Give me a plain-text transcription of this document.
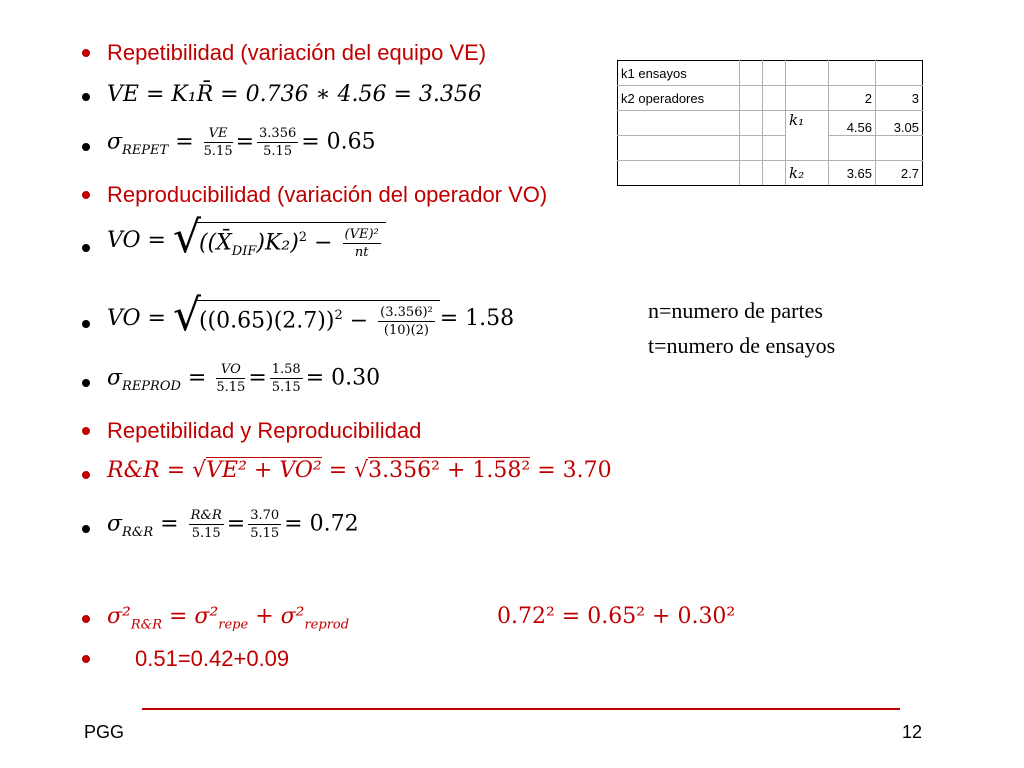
Repetibilidad (variación del equipo VE)
VE = K₁R̄ = 0.736 ∗ 4.56 = 3.356
$\sigma_{REPET} = \frac{VE}{5.15} = \frac{3.356}{5.15} = 0.65$
Reproducibilidad (variación del operador VO)
VO = √ $((X̄_{DIF})K_2)^2 - \frac{\text{(VE)²}}{nt}$
VO = √ $((0.65)(2.7))^2 - \frac{\text{(3.356)²}}{(10)(2)} = 1.58$
$\sigma_{REPROD} = \frac{VO}{5.15} = \frac{1.58}{5.15} = 0.30$
Repetibilidad y Reproducibilidad
R&R = √VE² + VO² = √3.356² + 1.58² = 3.70
$\sigma_{R\&R} = \frac{R\&R}{5.15} = \frac{3.70}{5.15} = 0.72$
$\sigma^2_{R\&R} = \sigma^2_{repe} + \sigma^2_{reprod}$	0.72² = 0.65² + 0.30²
0.51=0.42+0.09
k1 ensayos					
k2 operadores				2	3
			k₁	4.56	3.05

			k₂	3.65	2.7
n=numero de partes
t=numero de ensayos
PGG	12
